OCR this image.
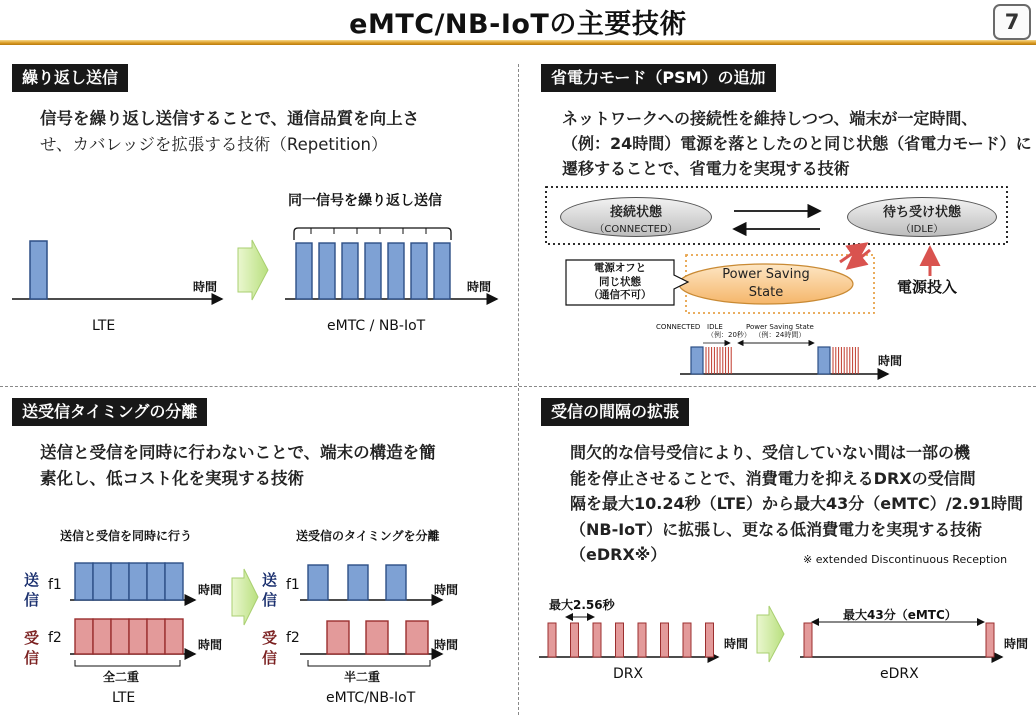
eMTC/NB-IoTの主要技術	7
繰り返し送信
信号を繰り返し送信することで、通信品質を向上さ
せ、カバレッジを拡張する技術（Repetition）
同一信号を繰り返し送信
時間	時間
LTE	eMTC / NB-IoT
省電力モード（PSM）の追加
ネットワークへの接続性を維持しつつ、端末が一定時間、
（例：24時間）電源を落としたのと同じ状態（省電力モード）に
遷移することで、省電力を実現する技術
接続状態
（CONNECTED）
待ち受け状態
（IDLE）
Power Saving
State
電源オフと
同じ状態
（通信不可）	電源投入
CONNECTED IDLE
（例：20秒）
Power Saving State
（例：24時間）
時間
送受信タイミングの分離
送信と受信を同時に行わないことで、端末の構造を簡
素化し、低コスト化を実現する技術
送信と受信を同時に行う	送受信のタイミングを分離
送
信
受
信
f1
f2
時間
時間
全二重
LTE
送
信
受
信
f1
f2
時間
時間
半二重
eMTC/NB-IoT
受信の間隔の拡張
間欠的な信号受信により、受信していない間は一部の機
能を停止させることで、消費電力を抑えるDRXの受信間
隔を最大10.24秒（LTE）から最大43分（eMTC）/2.91時間
（NB-IoT）に拡張し、更なる低消費電力を実現する技術
（eDRX※）	※ extended Discontinuous Reception
最大2.56秒
最大43分（eMTC）
時間	時間
DRX	eDRX
